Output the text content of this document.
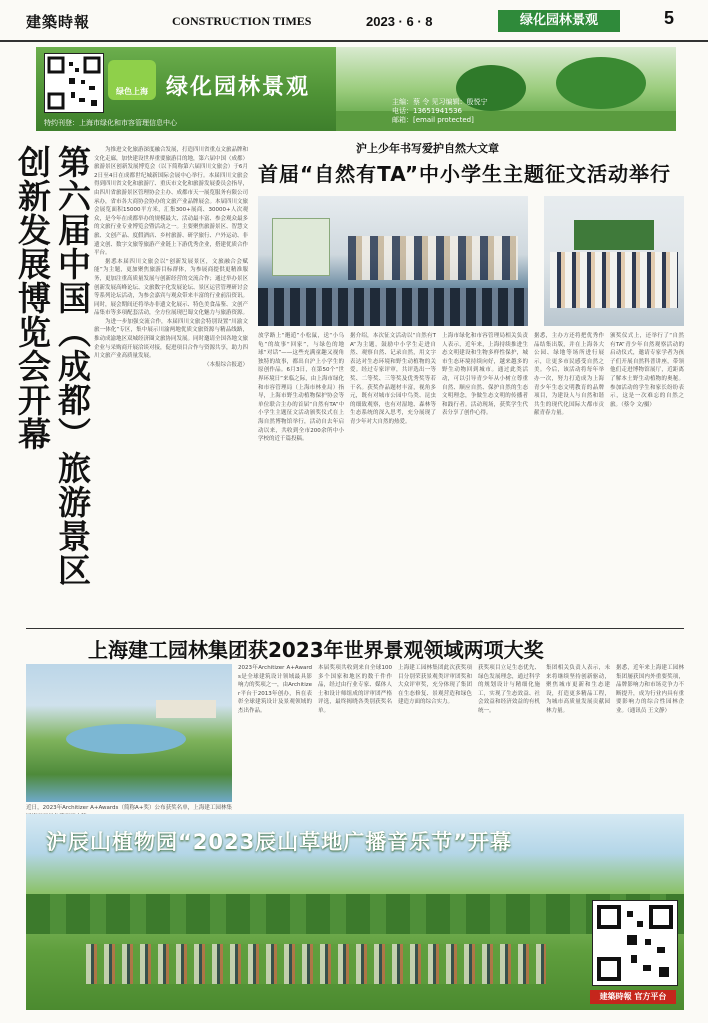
建築時報	CONSTRUCTION TIMES	2023 · 6 · 8	绿化园林景观	5
绿色上海 绿化园林景观
主编：蔡 令 见习编辑：殷悦宁
电话：13651941536
邮箱：[email protected]
特约刊登：上海市绿化和市容管理信息中心
第六届中国（成都）旅游景区创新发展博览会开幕	为推进文化旅游深度融合发展，打造四川省重点文旅品牌和文化走廊，加快建设世界重要旅游目的地，第六届中国（成都）旅游景区创新发展博览会（以下简称第六届四川文旅会）于6月2日至4日在成都世纪城新国际会展中心举行。本届四川文旅会得到四川省文化和旅游厅、重庆市文化和旅游发展委员会指导，由四川省旅游景区管理协会主办、成都市天一展览服务有限公司承办，省市各大商协会协办的文旅产业品牌展会。本届四川文旅会展览面积15000平方米，汇集300+展商、30000+人次观众，是今年在成都举办的规模最大、活动最丰富、参会观众最多的文旅行业专业博览会暨活动之一。主要聚焦旅游景区、智慧文旅、文创产品、度假酒店、乡村旅游、研学旅行、户外运动、非遗文创、数字文旅等旅游产业链上下游优秀企业，搭建优质合作平台。

据悉本届四川文旅会以“创新发展景区，文旅融合会赋能”为主题，更加聚焦旅游目标群体，为参展商提供更精准服务，更加注重高质量发展与创新经营的交流合作；通过举办景区创新发展高峰论坛、文旅数字化发展论坛、景区运营管理研讨会等系列论坛活动，为参会嘉宾与观众带来丰富的行业前沿资讯。同时，展会期间还将举办非遗文化展示、特色美食品鉴、文创产品集市等多项配套活动，全方位展现巴蜀文化魅力与旅游资源。

为进一步加强交流合作，本届四川文旅会特别设置“川渝文旅一体化”专区，集中展示川渝两地优质文旅资源与精品线路，推动成渝地区双城经济圈文旅协同发展。同时邀请全国各地文旅企业与采购商开展洽谈对接，促进项目合作与资源共享，助力四川文旅产业高质量发展。

（本报综合报道）

沪上少年书写爱护自然大文章
首届“自然有TA”中小学生主题征文活动举行
放学路上“邂逅”小松鼠，送“小乌龟”的故事“回家”，与绿色的地球“对话”——这些充满童趣又视角独特的故事，都出自沪上小学生的原创作品。6月3日，在第50个“世界环境日”来临之际，由上海市绿化和市容管理局（上海市林业局）指导，上海市野生动植物保护协会等单位联合主办的首届“自然有TA”中小学生主题征文活动颁奖仪式在上海自然博物馆举行，活动自去年启动以来，共收到全市200余所中小学校的近千篇投稿。
据介绍，本次征文活动以“自然有TA”为主题，鼓励中小学生走进自然、观察自然、记录自然，用文字表达对生态环境和野生动植物的关爱。经过专家评审，共评选出一等奖、二等奖、三等奖及优秀奖等若干名。获奖作品题材丰富，视角多元，既有对城市公园中鸟类、昆虫的细致观察，也有对湿地、森林等生态系统的深入思考，充分展现了青少年对大自然的热爱。
上海市绿化和市容管理局相关负责人表示，近年来，上海持续推进生态文明建设和生物多样性保护，城市生态环境持续向好，越来越多的野生动物回到城市。通过此类活动，可以引导青少年从小树立尊重自然、顺应自然、保护自然的生态文明理念，争做生态文明的传播者和践行者。活动现场，获奖学生代表分享了创作心得。
据悉，主办方还将把优秀作品结集出版，并在上海各大公园、绿地等场所进行展示，让更多市民感受自然之美。今后，该活动将每年举办一次，努力打造成为上海青少年生态文明教育的品牌项目，为建设人与自然和谐共生的现代化国际大都市贡献青春力量。
颁奖仪式上，还举行了“自然有TA”青少年自然观察活动的启动仪式，邀请专家学者为孩子们开展自然科普讲座，带领他们走进博物馆展厅，近距离了解本土野生动植物的奥秘。参加活动的学生和家长纷纷表示，这是一次难忘的自然之旅。（蔡令 文/摄）
上海建工园林集团获2023年世界景观领域两项大奖
近日，2023年Architizer A+Awards（简称A+奖）公布获奖名单，上海建工园林集
2023年Architizer A+Awards是全球建筑设计领域最具影响力的奖项之一，由Architizer平台于2013年创办，旨在表彰全球建筑设计及景观领域的杰出作品。
本届奖项共收到来自全球100多个国家和地区的数千件作品，经过由行业专家、媒体人士和设计师组成的评审团严格评选，最终揭晓各类别获奖名单。
上海建工园林集团此次获奖项目分别荣获景观类评审团奖和大众评审奖，充分体现了集团在生态修复、景观营造和绿色建造方面的综合实力。
获奖项目立足生态优先、绿色发展理念，通过科学的规划设计与精细化施工，实现了生态效益、社会效益和经济效益的有机统一。
集团相关负责人表示，未来将继续坚持创新驱动，聚焦城市更新和生态建设，打造更多精品工程，为城市高质量发展贡献园林力量。
据悉，近年来上海建工园林集团屡获国内外重要奖项，品牌影响力和市场竞争力不断提升，成为行业内具有重要影响力的综合性园林企业。（通讯员 王文静）
沪辰山植物园“2023辰山草地广播音乐节”开幕
建築時報 官方平台
